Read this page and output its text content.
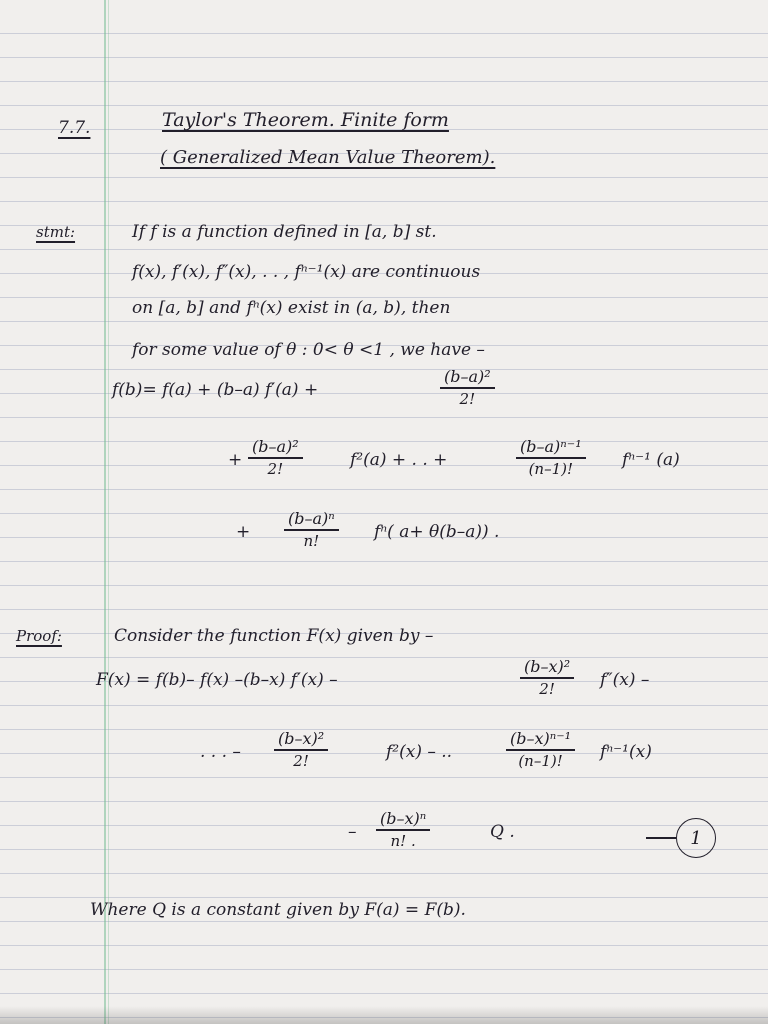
7.7.	Taylor's Theorem. Finite form
( Generalized Mean Value Theorem).
stmt:	If f is a function defined in [a, b] st.
f(x), f′(x), f″(x), . . , fⁿ⁻¹(x) are continuous
on [a, b] and fⁿ(x) exist in (a, b), then
for some value of θ : 0< θ <1 , we have –
f(b)= f(a) + (b–a) f′(a) +
(b–a)²
2!
+
(b–a)²
2!	f²(a) + . . +
(b–a)ⁿ⁻¹
(n–1)!	fⁿ⁻¹ (a)
+
(b–a)ⁿ
n!	fⁿ( a+ θ(b–a)) .
Proof:	Consider the function F(x) given by –
F(x) = f(b)– f(x) –(b–x) f′(x) –
(b–x)²
2!	f″(x) –
. . . –
(b–x)²
2!	f²(x) – ..
(b–x)ⁿ⁻¹
(n–1)! fⁿ⁻¹(x)
–
(b–x)ⁿ
n! .	Q .	1
Where Q is a constant given by F(a) = F(b).
